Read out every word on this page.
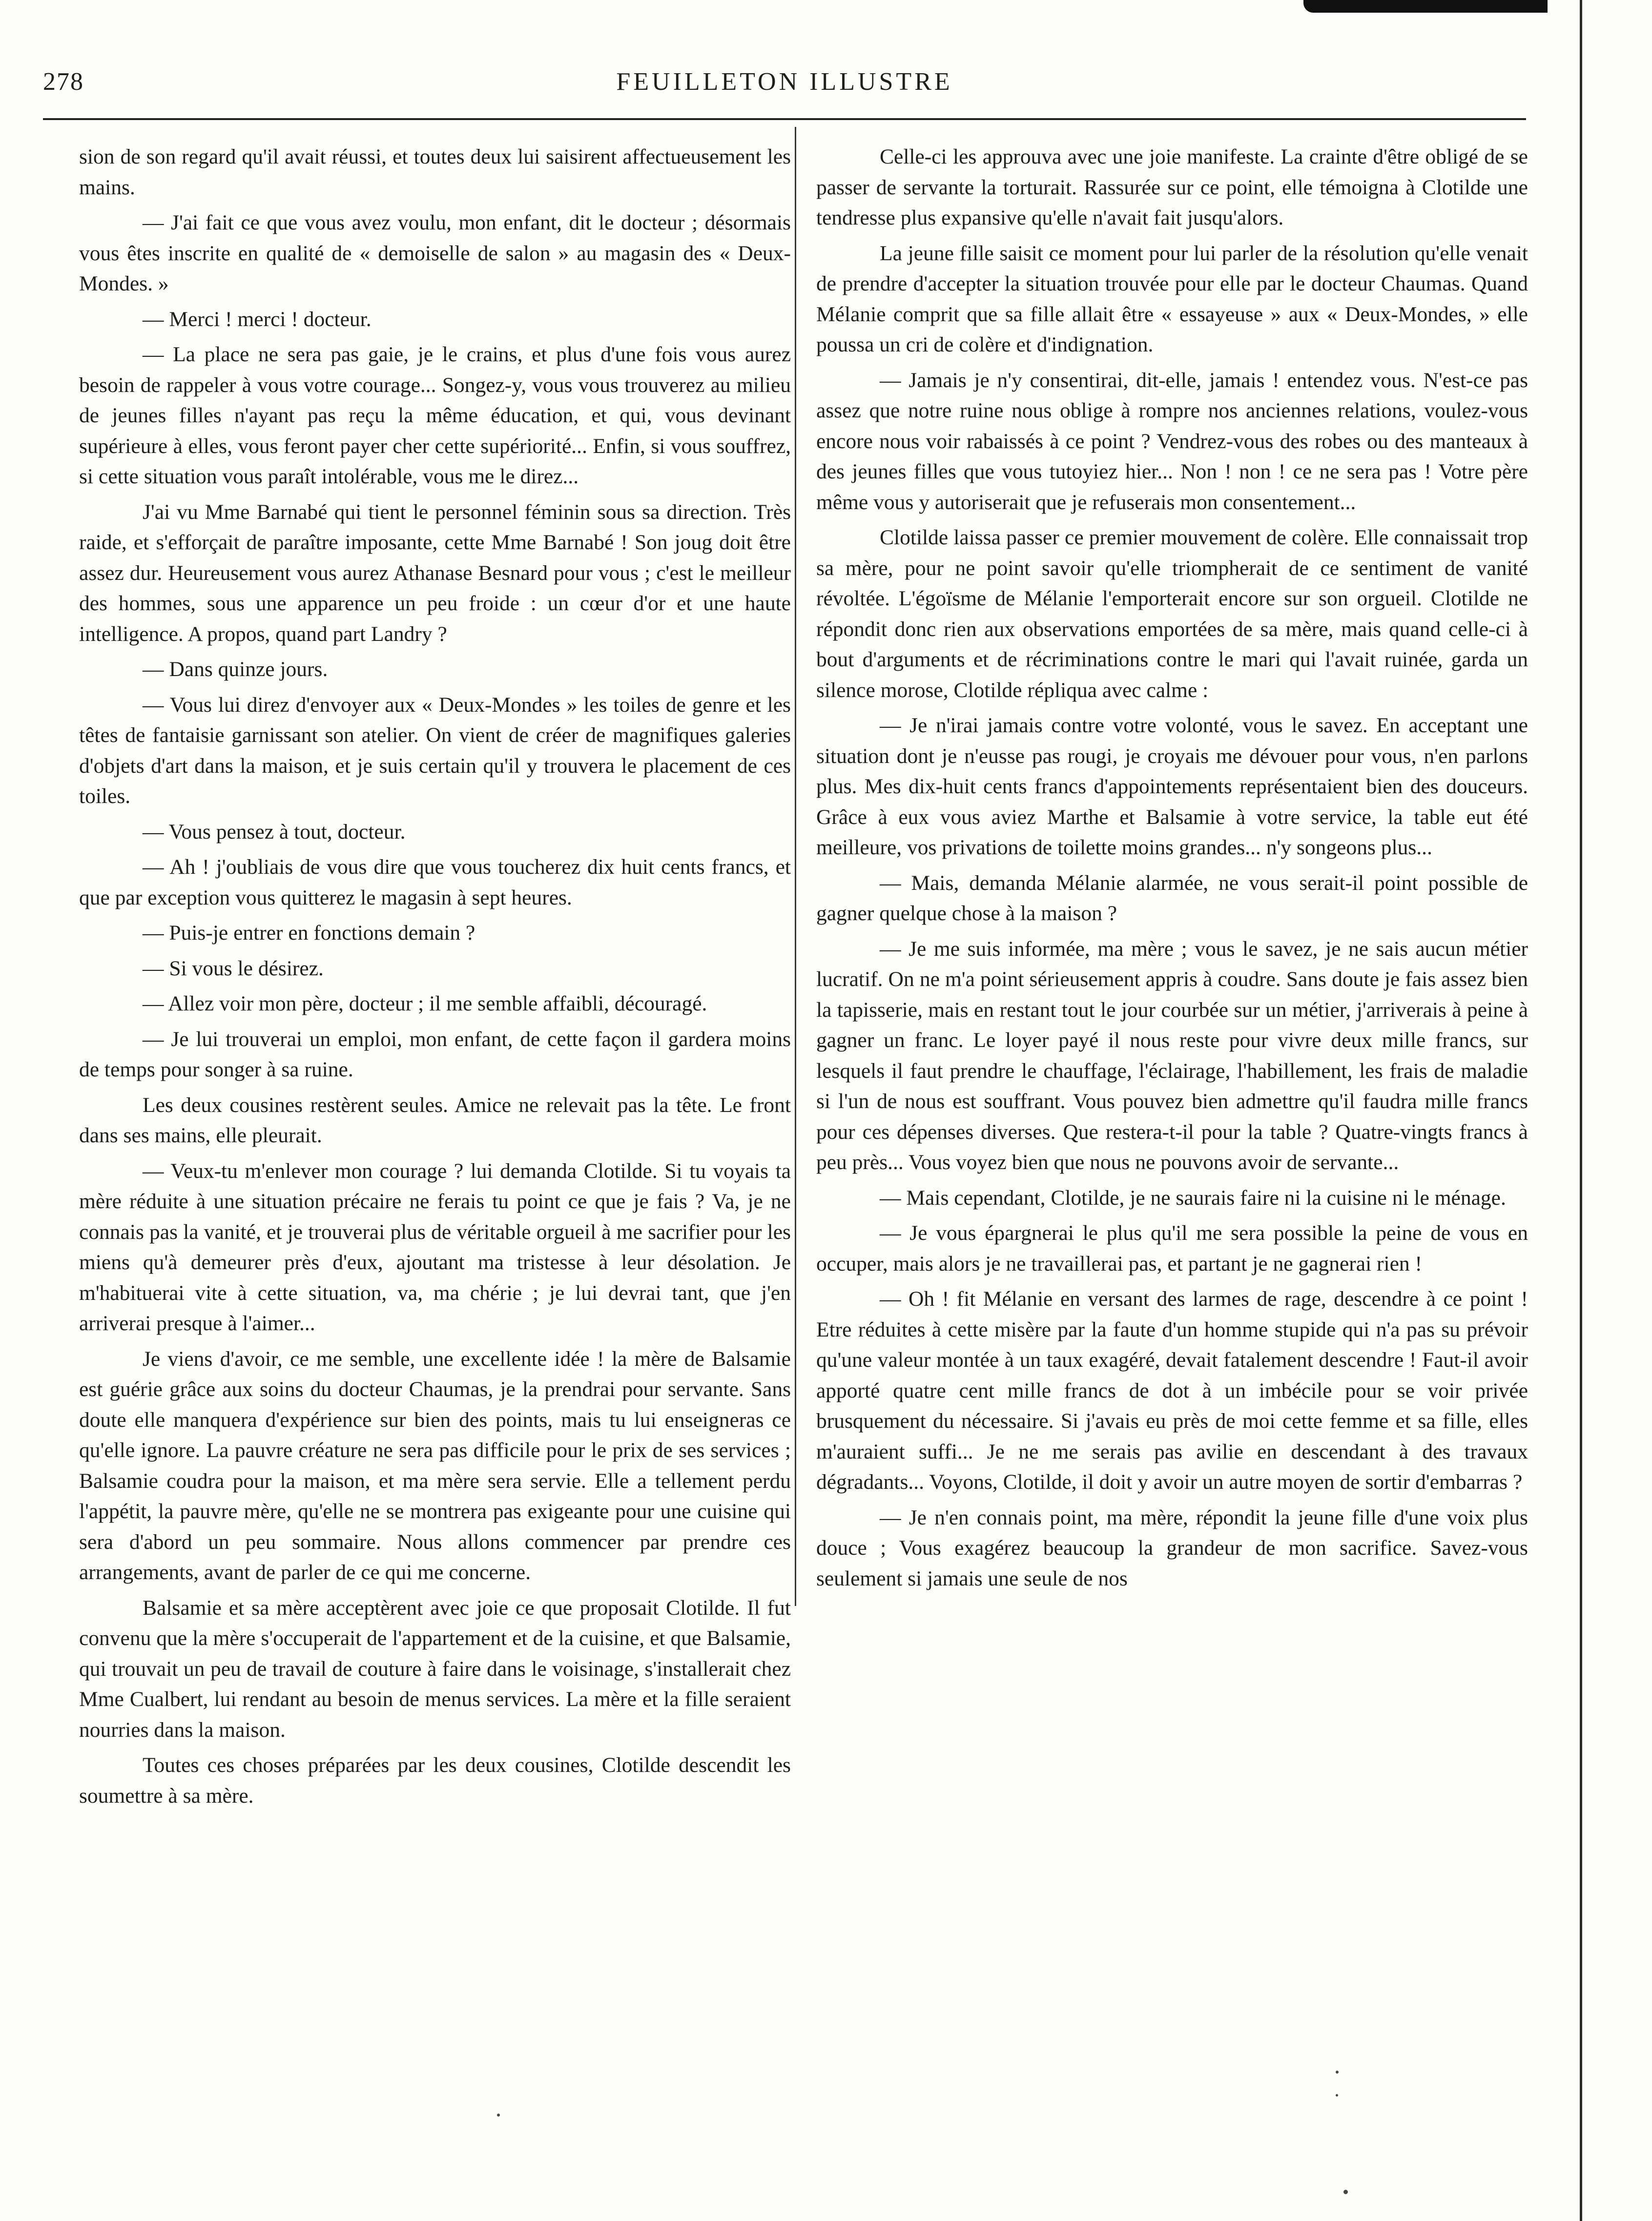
278	FEUILLETON ILLUSTRE

sion de son regard qu'il avait réussi, et toutes deux lui saisirent affectueusement les mains.

— J'ai fait ce que vous avez voulu, mon enfant, dit le docteur ; désormais vous êtes inscrite en qualité de « demoiselle de salon » au magasin des « Deux-Mondes. »

— Merci ! merci ! docteur.

— La place ne sera pas gaie, je le crains, et plus d'une fois vous aurez besoin de rappeler à vous votre courage... Songez-y, vous vous trouverez au milieu de jeunes filles n'ayant pas reçu la même éducation, et qui, vous devinant supérieure à elles, vous feront payer cher cette supériorité... Enfin, si vous souffrez, si cette situation vous paraît intolérable, vous me le direz...

J'ai vu Mme Barnabé qui tient le personnel féminin sous sa direction. Très raide, et s'efforçait de paraître imposante, cette Mme Barnabé ! Son joug doit être assez dur. Heureusement vous aurez Athanase Besnard pour vous ; c'est le meilleur des hommes, sous une apparence un peu froide : un cœur d'or et une haute intelligence. A propos, quand part Landry ?

— Dans quinze jours.

— Vous lui direz d'envoyer aux « Deux-Mondes » les toiles de genre et les têtes de fantaisie garnissant son atelier. On vient de créer de magnifiques galeries d'objets d'art dans la maison, et je suis certain qu'il y trouvera le placement de ces toiles.

— Vous pensez à tout, docteur.

— Ah ! j'oubliais de vous dire que vous toucherez dix huit cents francs, et que par exception vous quitterez le magasin à sept heures.

— Puis-je entrer en fonctions demain ?

— Si vous le désirez.

— Allez voir mon père, docteur ; il me semble affaibli, découragé.

— Je lui trouverai un emploi, mon enfant, de cette façon il gardera moins de temps pour songer à sa ruine.

Les deux cousines restèrent seules. Amice ne relevait pas la tête. Le front dans ses mains, elle pleurait.

— Veux-tu m'enlever mon courage ? lui demanda Clotilde. Si tu voyais ta mère réduite à une situation précaire ne ferais tu point ce que je fais ? Va, je ne connais pas la vanité, et je trouverai plus de véritable orgueil à me sacrifier pour les miens qu'à demeurer près d'eux, ajoutant ma tristesse à leur désolation. Je m'habituerai vite à cette situation, va, ma chérie ; je lui devrai tant, que j'en arriverai presque à l'aimer...

Je viens d'avoir, ce me semble, une excellente idée ! la mère de Balsamie est guérie grâce aux soins du docteur Chaumas, je la prendrai pour servante. Sans doute elle manquera d'expérience sur bien des points, mais tu lui enseigneras ce qu'elle ignore. La pauvre créature ne sera pas difficile pour le prix de ses services ; Balsamie coudra pour la maison, et ma mère sera servie. Elle a tellement perdu l'appétit, la pauvre mère, qu'elle ne se montrera pas exigeante pour une cuisine qui sera d'abord un peu sommaire. Nous allons commencer par prendre ces arrangements, avant de parler de ce qui me concerne.

Balsamie et sa mère acceptèrent avec joie ce que proposait Clotilde. Il fut convenu que la mère s'occuperait de l'appartement et de la cuisine, et que Balsamie, qui trouvait un peu de travail de couture à faire dans le voisinage, s'installerait chez Mme Cualbert, lui rendant au besoin de menus services. La mère et la fille seraient nourries dans la maison.

Toutes ces choses préparées par les deux cousines, Clotilde descendit les soumettre à sa mère.

Celle-ci les approuva avec une joie manifeste. La crainte d'être obligé de se passer de servante la torturait. Rassurée sur ce point, elle témoigna à Clotilde une tendresse plus expansive qu'elle n'avait fait jusqu'alors.

La jeune fille saisit ce moment pour lui parler de la résolution qu'elle venait de prendre d'accepter la situation trouvée pour elle par le docteur Chaumas. Quand Mélanie comprit que sa fille allait être « essayeuse » aux « Deux-Mondes, » elle poussa un cri de colère et d'indignation.

— Jamais je n'y consentirai, dit-elle, jamais ! entendez vous. N'est-ce pas assez que notre ruine nous oblige à rompre nos anciennes relations, voulez-vous encore nous voir rabaissés à ce point ? Vendrez-vous des robes ou des manteaux à des jeunes filles que vous tutoyiez hier... Non ! non ! ce ne sera pas ! Votre père même vous y autoriserait que je refuserais mon consentement...

Clotilde laissa passer ce premier mouvement de colère. Elle connaissait trop sa mère, pour ne point savoir qu'elle triompherait de ce sentiment de vanité révoltée. L'égoïsme de Mélanie l'emporterait encore sur son orgueil. Clotilde ne répondit donc rien aux observations emportées de sa mère, mais quand celle-ci à bout d'arguments et de récriminations contre le mari qui l'avait ruinée, garda un silence morose, Clotilde répliqua avec calme :

— Je n'irai jamais contre votre volonté, vous le savez. En acceptant une situation dont je n'eusse pas rougi, je croyais me dévouer pour vous, n'en parlons plus. Mes dix-huit cents francs d'appointements représentaient bien des douceurs. Grâce à eux vous aviez Marthe et Balsamie à votre service, la table eut été meilleure, vos privations de toilette moins grandes... n'y songeons plus...

— Mais, demanda Mélanie alarmée, ne vous serait-il point possible de gagner quelque chose à la maison ?

— Je me suis informée, ma mère ; vous le savez, je ne sais aucun métier lucratif. On ne m'a point sérieusement appris à coudre. Sans doute je fais assez bien la tapisserie, mais en restant tout le jour courbée sur un métier, j'arriverais à peine à gagner un franc. Le loyer payé il nous reste pour vivre deux mille francs, sur lesquels il faut prendre le chauffage, l'éclairage, l'habillement, les frais de maladie si l'un de nous est souffrant. Vous pouvez bien admettre qu'il faudra mille francs pour ces dépenses diverses. Que restera-t-il pour la table ? Quatre-vingts francs à peu près... Vous voyez bien que nous ne pouvons avoir de servante...

— Mais cependant, Clotilde, je ne saurais faire ni la cuisine ni le ménage.

— Je vous épargnerai le plus qu'il me sera possible la peine de vous en occuper, mais alors je ne travaillerai pas, et partant je ne gagnerai rien !

— Oh ! fit Mélanie en versant des larmes de rage, descendre à ce point ! Etre réduites à cette misère par la faute d'un homme stupide qui n'a pas su prévoir qu'une valeur montée à un taux exagéré, devait fatalement descendre ! Faut-il avoir apporté quatre cent mille francs de dot à un imbécile pour se voir privée brusquement du nécessaire. Si j'avais eu près de moi cette femme et sa fille, elles m'auraient suffi... Je ne me serais pas avilie en descendant à des travaux dégradants... Voyons, Clotilde, il doit y avoir un autre moyen de sortir d'embarras ?

— Je n'en connais point, ma mère, répondit la jeune fille d'une voix plus douce ; Vous exagérez beaucoup la grandeur de mon sacrifice. Savez-vous seulement si jamais une seule de nos
